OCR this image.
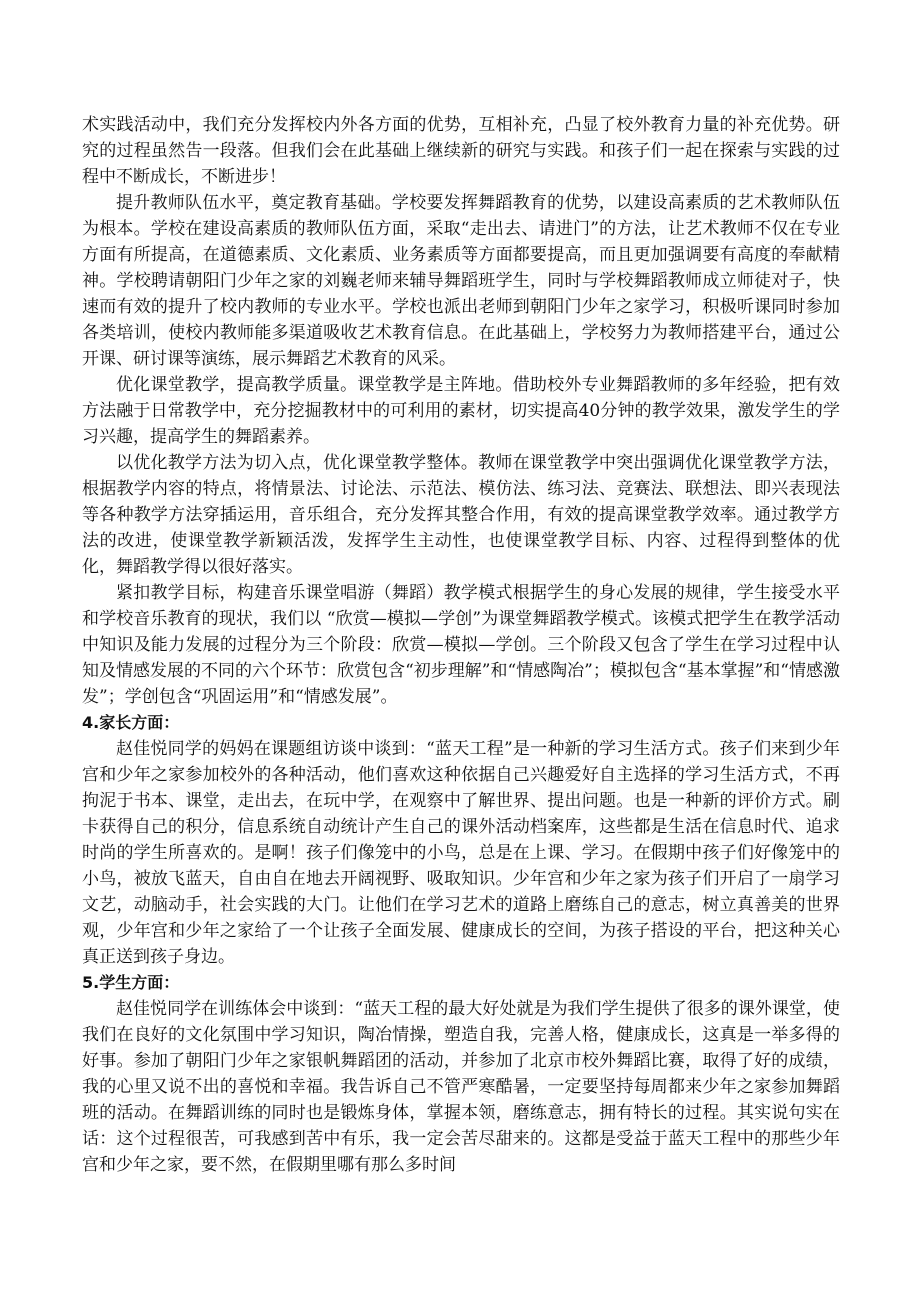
术实践活动中，我们充分发挥校内外各方面的优势，互相补充，凸显了校外教育力量的补充优势。研究的过程虽然告一段落。但我们会在此基础上继续新的研究与实践。和孩子们一起在探索与实践的过程中不断成长，不断进步！

提升教师队伍水平，奠定教育基础。学校要发挥舞蹈教育的优势，以建设高素质的艺术教师队伍为根本。学校在建设高素质的教师队伍方面，采取“走出去、请进门”的方法，让艺术教师不仅在专业方面有所提高，在道德素质、文化素质、业务素质等方面都要提高，而且更加强调要有高度的奉献精神。学校聘请朝阳门少年之家的刘巍老师来辅导舞蹈班学生，同时与学校舞蹈教师成立师徒对子，快速而有效的提升了校内教师的专业水平。学校也派出老师到朝阳门少年之家学习，积极听课同时参加各类培训，使校内教师能多渠道吸收艺术教育信息。在此基础上，学校努力为教师搭建平台，通过公开课、研讨课等演练，展示舞蹈艺术教育的风采。

优化课堂教学，提高教学质量。课堂教学是主阵地。借助校外专业舞蹈教师的多年经验，把有效方法融于日常教学中，充分挖掘教材中的可利用的素材，切实提高40分钟的教学效果，激发学生的学习兴趣，提高学生的舞蹈素养。

以优化教学方法为切入点，优化课堂教学整体。教师在课堂教学中突出强调优化课堂教学方法，根据教学内容的特点，将情景法、讨论法、示范法、模仿法、练习法、竞赛法、联想法、即兴表现法等各种教学方法穿插运用，音乐组合，充分发挥其整合作用，有效的提高课堂教学效率。通过教学方法的改进，使课堂教学新颖活泼，发挥学生主动性，也使课堂教学目标、内容、过程得到整体的优化，舞蹈教学得以很好落实。

紧扣教学目标，构建音乐课堂唱游（舞蹈）教学模式根据学生的身心发展的规律，学生接受水平和学校音乐教育的现状，我们以 “欣赏—模拟—学创”为课堂舞蹈教学模式。该模式把学生在教学活动中知识及能力发展的过程分为三个阶段：欣赏—模拟—学创。三个阶段又包含了学生在学习过程中认知及情感发展的不同的六个环节：欣赏包含“初步理解”和“情感陶冶”；模拟包含“基本掌握”和“情感激发”；学创包含“巩固运用”和“情感发展”。

4.家长方面：

赵佳悦同学的妈妈在课题组访谈中谈到：“蓝天工程”是一种新的学习生活方式。孩子们来到少年宫和少年之家参加校外的各种活动，他们喜欢这种依据自己兴趣爱好自主选择的学习生活方式，不再拘泥于书本、课堂，走出去，在玩中学，在观察中了解世界、提出问题。也是一种新的评价方式。刷卡获得自己的积分，信息系统自动统计产生自己的课外活动档案库，这些都是生活在信息时代、追求时尚的学生所喜欢的。是啊！孩子们像笼中的小鸟，总是在上课、学习。在假期中孩子们好像笼中的小鸟，被放飞蓝天，自由自在地去开阔视野、吸取知识。少年宫和少年之家为孩子们开启了一扇学习文艺，动脑动手，社会实践的大门。让他们在学习艺术的道路上磨练自己的意志，树立真善美的世界观，少年宫和少年之家给了一个让孩子全面发展、健康成长的空间，为孩子搭设的平台，把这种关心真正送到孩子身边。

5.学生方面：

赵佳悦同学在训练体会中谈到：“蓝天工程的最大好处就是为我们学生提供了很多的课外课堂，使我们在良好的文化氛围中学习知识，陶冶情操，塑造自我，完善人格，健康成长，这真是一举多得的好事。参加了朝阳门少年之家银帆舞蹈团的活动，并参加了北京市校外舞蹈比赛，取得了好的成绩，我的心里又说不出的喜悦和幸福。我告诉自己不管严寒酷暑，一定要坚持每周都来少年之家参加舞蹈班的活动。在舞蹈训练的同时也是锻炼身体，掌握本领，磨练意志，拥有特长的过程。其实说句实在话：这个过程很苦，可我感到苦中有乐，我一定会苦尽甜来的。这都是受益于蓝天工程中的那些少年宫和少年之家，要不然，在假期里哪有那么多时间
